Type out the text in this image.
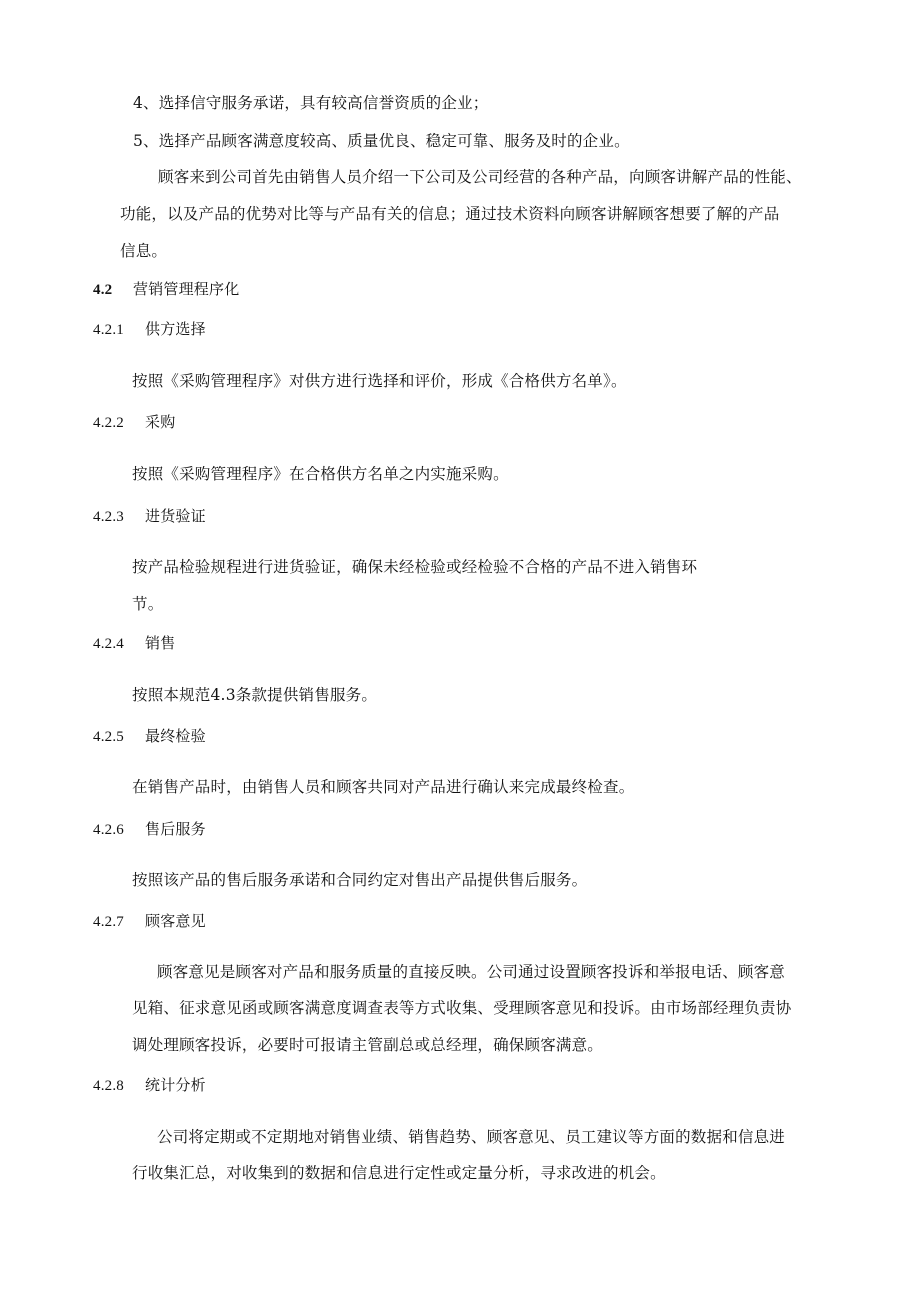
4、选择信守服务承诺，具有较高信誉资质的企业；
5、选择产品顾客满意度较高、质量优良、稳定可靠、服务及时的企业。
顾客来到公司首先由销售人员介绍一下公司及公司经营的各种产品，向顾客讲解产品的性能、
功能，以及产品的优势对比等与产品有关的信息；通过技术资料向顾客讲解顾客想要了解的产品
信息。
4.2 营销管理程序化
4.2.1 供方选择
按照《采购管理程序》对供方进行选择和评价，形成《合格供方名单》。
4.2.2 采购
按照《采购管理程序》在合格供方名单之内实施采购。
4.2.3 进货验证
按产品检验规程进行进货验证，确保未经检验或经检验不合格的产品不进入销售环
节。
4.2.4 销售
按照本规范4.3条款提供销售服务。
4.2.5 最终检验
在销售产品时，由销售人员和顾客共同对产品进行确认来完成最终检查。
4.2.6 售后服务
按照该产品的售后服务承诺和合同约定对售出产品提供售后服务。
4.2.7 顾客意见
顾客意见是顾客对产品和服务质量的直接反映。公司通过设置顾客投诉和举报电话、顾客意
见箱、征求意见函或顾客满意度调查表等方式收集、受理顾客意见和投诉。由市场部经理负责协
调处理顾客投诉，必要时可报请主管副总或总经理，确保顾客满意。
4.2.8 统计分析
公司将定期或不定期地对销售业绩、销售趋势、顾客意见、员工建议等方面的数据和信息进
行收集汇总，对收集到的数据和信息进行定性或定量分析，寻求改进的机会。
